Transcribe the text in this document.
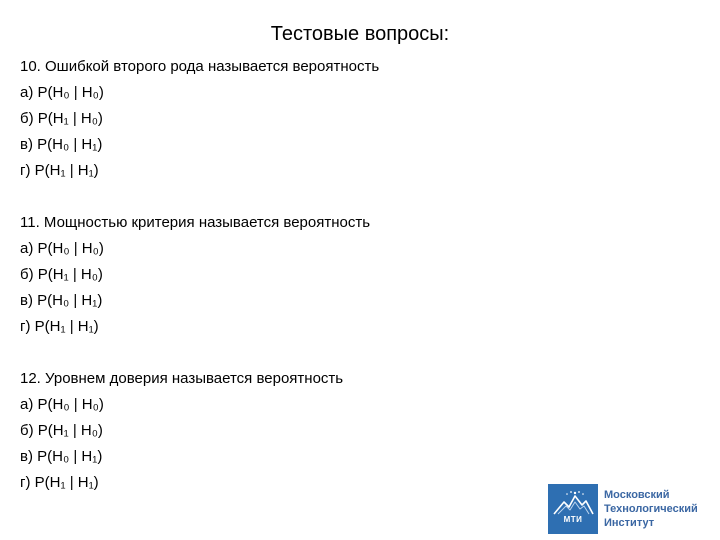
Тестовые вопросы:
10. Ошибкой второго рода называется вероятность
а) P(H₀ | H₀)
б) P(H₁ | H₀)
в) P(H₀ | H₁)
г) P(H₁ | H₁)
11. Мощностью критерия называется вероятность
а) P(H₀ | H₀)
б) P(H₁ | H₀)
в) P(H₀ | H₁)
г) P(H₁ | H₁)
12. Уровнем доверия называется вероятность
а) P(H₀ | H₀)
б) P(H₁ | H₀)
в) P(H₀ | H₁)
г) P(H₁ | H₁)
МТИ
Московский
Технологический
Институт
